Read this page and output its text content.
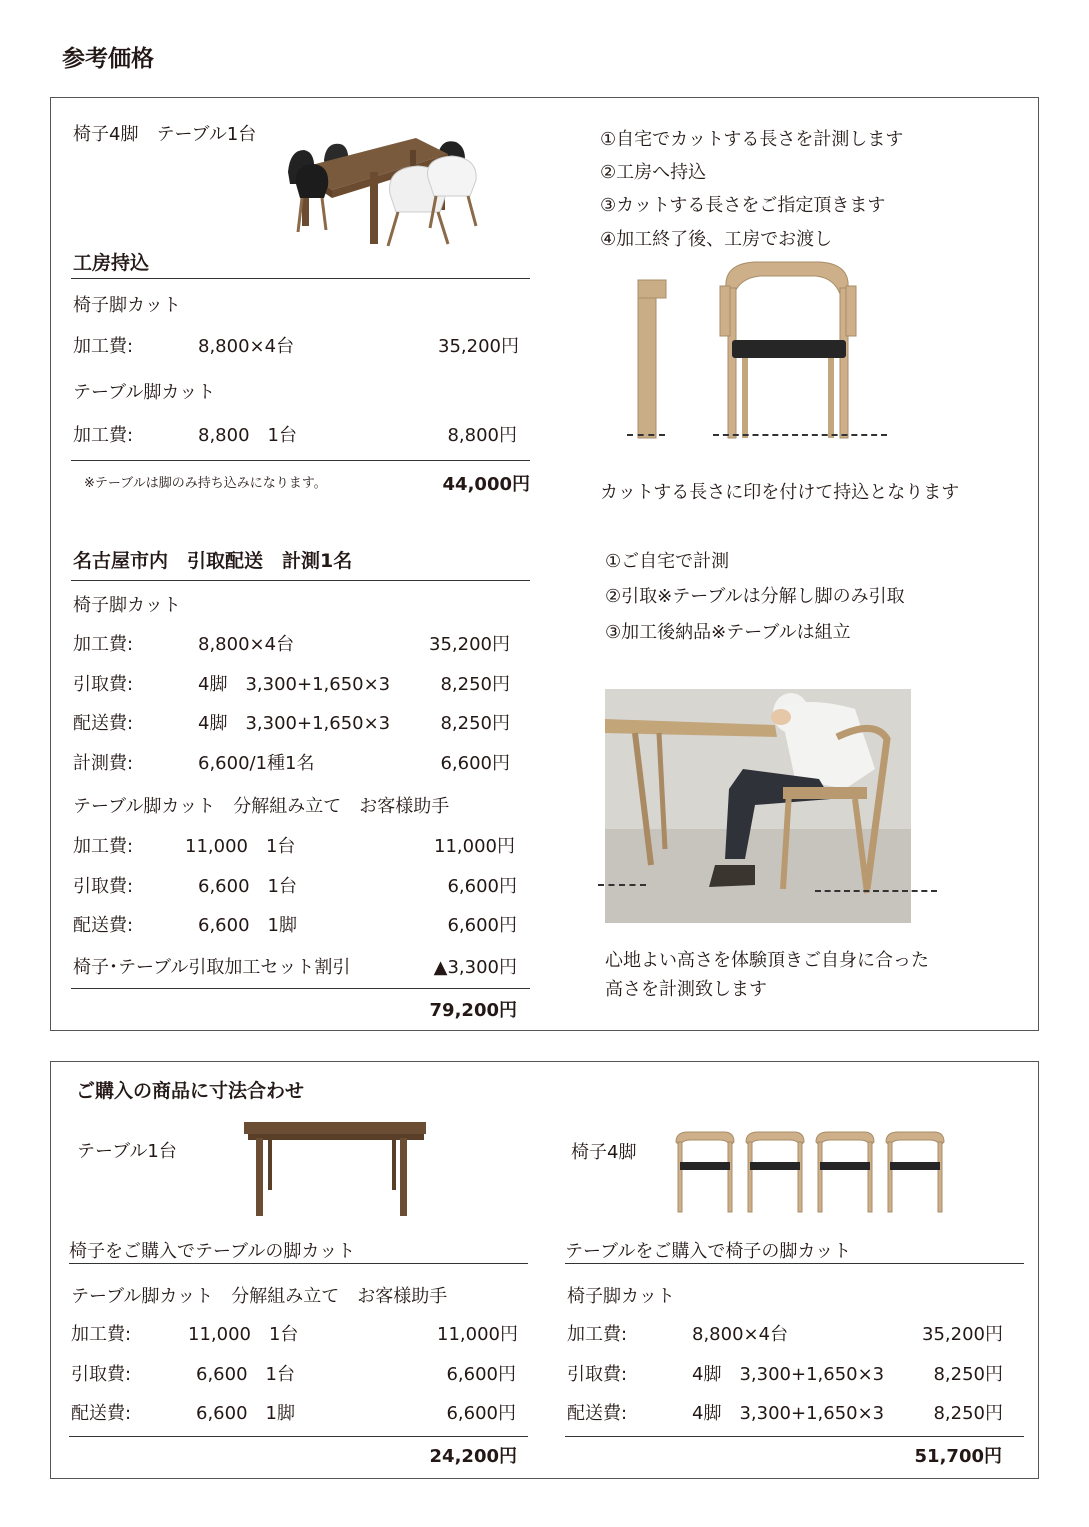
参考価格
椅子4脚　テーブル1台
工房持込
椅子脚カット
加工費:	8,800×4台	35,200円
テーブル脚カット
加工費:	8,800　1台	8,800円
※テーブルは脚のみ持ち込みになります。	44,000円
①自宅でカットする長さを計測します
②工房へ持込
③カットする長さをご指定頂きます
④加工終了後、工房でお渡し
カットする長さに印を付けて持込となります
名古屋市内　引取配送　計測1名
椅子脚カット
加工費:	8,800×4台	35,200円
引取費:	4脚　3,300+1,650×3	8,250円
配送費:	4脚　3,300+1,650×3	8,250円
計測費:	6,600/1種1名	6,600円
テーブル脚カット　分解組み立て　お客様助手
加工費:	11,000　1台	11,000円
引取費:	6,600　1台	6,600円
配送費:	6,600　1脚	6,600円
椅子･テーブル引取加工セット割引	▲3,300円
79,200円
①ご自宅で計測
②引取※テーブルは分解し脚のみ引取
③加工後納品※テーブルは組立
心地よい高さを体験頂きご自身に合った
高さを計測致します
ご購入の商品に寸法合わせ
テーブル1台
椅子をご購入でテーブルの脚カット
テーブル脚カット　分解組み立て　お客様助手
加工費:	11,000　1台	11,000円
引取費:	6,600　1台	6,600円
配送費:	6,600　1脚	6,600円
24,200円
椅子4脚
テーブルをご購入で椅子の脚カット
椅子脚カット
加工費:	8,800×4台	35,200円
引取費:	4脚　3,300+1,650×3	8,250円
配送費:	4脚　3,300+1,650×3	8,250円
51,700円
